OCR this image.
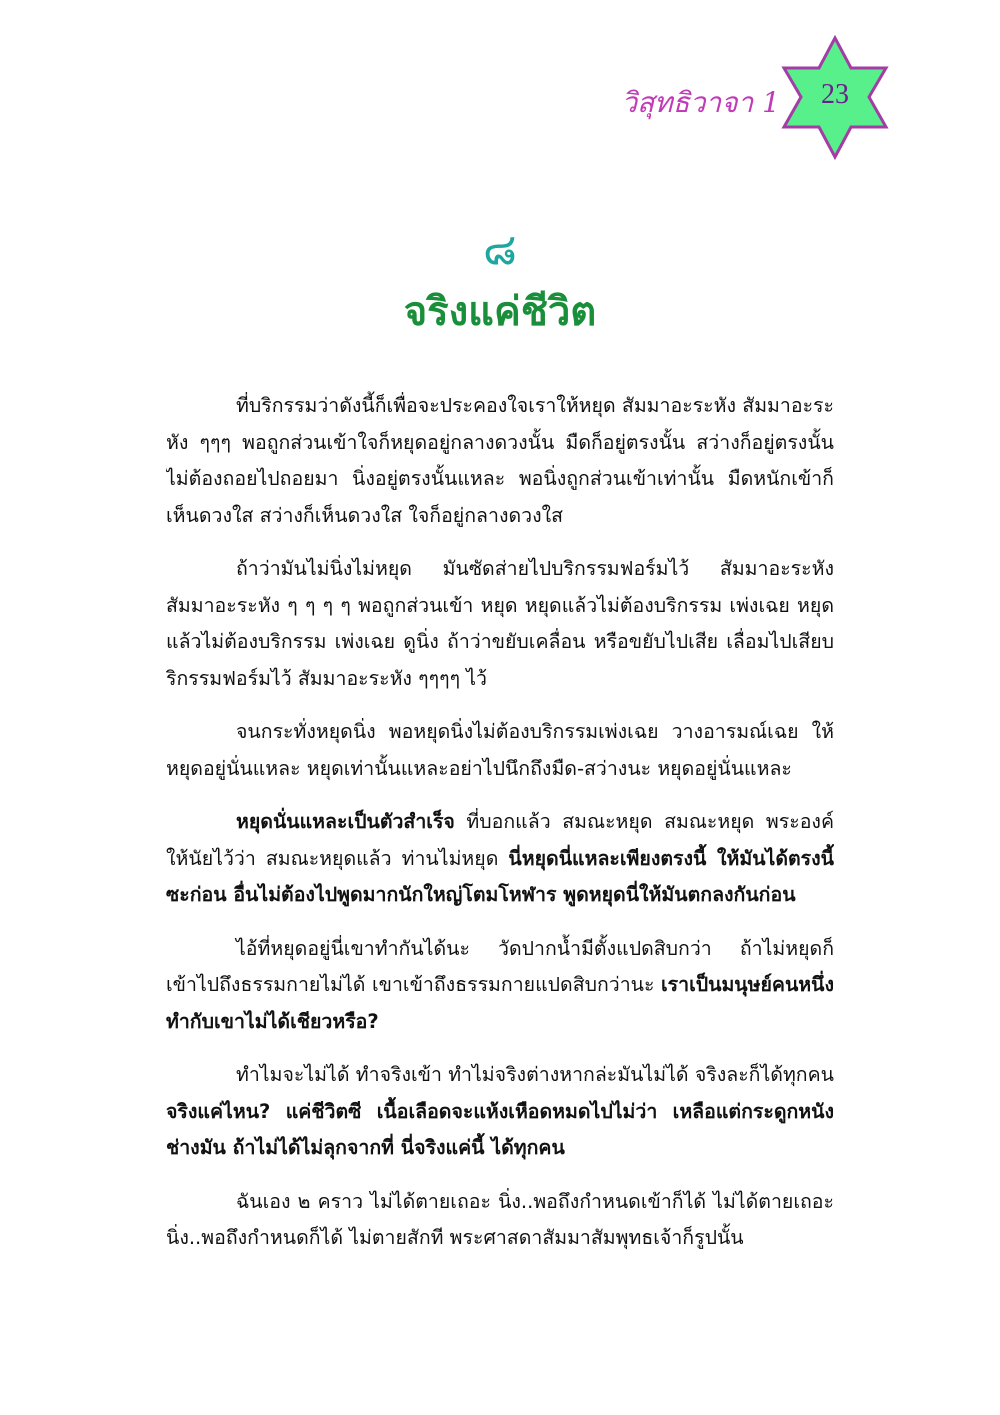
วิสุทธิวาจา 1	23
๘
จริงแค่ชีวิต

ที่บริกรรมว่าดังนี้ก็เพื่อจะประคองใจเราให้หยุด สัมมาอะระหัง สัมมาอะระหัง ๆๆๆ พอถูกส่วนเข้าใจก็หยุดอยู่กลางดวงนั้น มืดก็อยู่ตรงนั้น สว่างก็อยู่ตรงนั้น ไม่ต้องถอยไปถอยมา นิ่งอยู่ตรงนั้นแหละ พอนิ่งถูกส่วนเข้าเท่านั้น มืดหนักเข้าก็เห็นดวงใส สว่างก็เห็นดวงใส ใจก็อยู่กลางดวงใส

ถ้าว่ามันไม่นิ่งไม่หยุด มันซัดส่ายไปบริกรรมฟอร์มไว้ สัมมาอะระหัง สัมมาอะระหัง ๆ ๆ ๆ ๆ พอถูกส่วนเข้า หยุด หยุดแล้วไม่ต้องบริกรรม เพ่งเฉย หยุดแล้วไม่ต้องบริกรรม เพ่งเฉย ดูนิ่ง ถ้าว่าขยับเคลื่อน หรือขยับไปเสีย เลื่อมไปเสียบริกรรมฟอร์มไว้ สัมมาอะระหัง ๆๆๆๆ ไว้

จนกระทั่งหยุดนิ่ง พอหยุดนิ่งไม่ต้องบริกรรมเพ่งเฉย วางอารมณ์เฉย ให้หยุดอยู่นั่นแหละ หยุดเท่านั้นแหละอย่าไปนึกถึงมืด-สว่างนะ หยุดอยู่นั่นแหละ

หยุดนั่นแหละเป็นตัวสำเร็จ ที่บอกแล้ว สมณะหยุด สมณะหยุด พระองค์ให้นัยไว้ว่า สมณะหยุดแล้ว ท่านไม่หยุด นี่หยุดนี่แหละเพียงตรงนี้ ให้มันได้ตรงนี้ซะก่อน อื่นไม่ต้องไปพูดมากนักใหญ่โตมโหฬาร พูดหยุดนี่ให้มันตกลงกันก่อน

ไอ้ที่หยุดอยู่นี่เขาทำกันได้นะ วัดปากน้ำมีตั้งแปดสิบกว่า ถ้าไม่หยุดก็เข้าไปถึงธรรมกายไม่ได้ เขาเข้าถึงธรรมกายแปดสิบกว่านะ เราเป็นมนุษย์คนหนึ่งทำกับเขาไม่ได้เชียวหรือ?

ทำไมจะไม่ได้ ทำจริงเข้า ทำไม่จริงต่างหากล่ะมันไม่ได้ จริงละก็ได้ทุกคน จริงแค่ไหน? แค่ชีวิตซี เนื้อเลือดจะแห้งเหือดหมดไปไม่ว่า เหลือแต่กระดูกหนังช่างมัน ถ้าไม่ได้ไม่ลุกจากที่ นี่จริงแค่นี้ ได้ทุกคน

ฉันเอง ๒ คราว ไม่ได้ตายเถอะ นิ่ง..พอถึงกำหนดเข้าก็ได้ ไม่ได้ตายเถอะ นิ่ง..พอถึงกำหนดก็ได้ ไม่ตายสักที พระศาสดาสัมมาสัมพุทธเจ้าก็รูปนั้น
